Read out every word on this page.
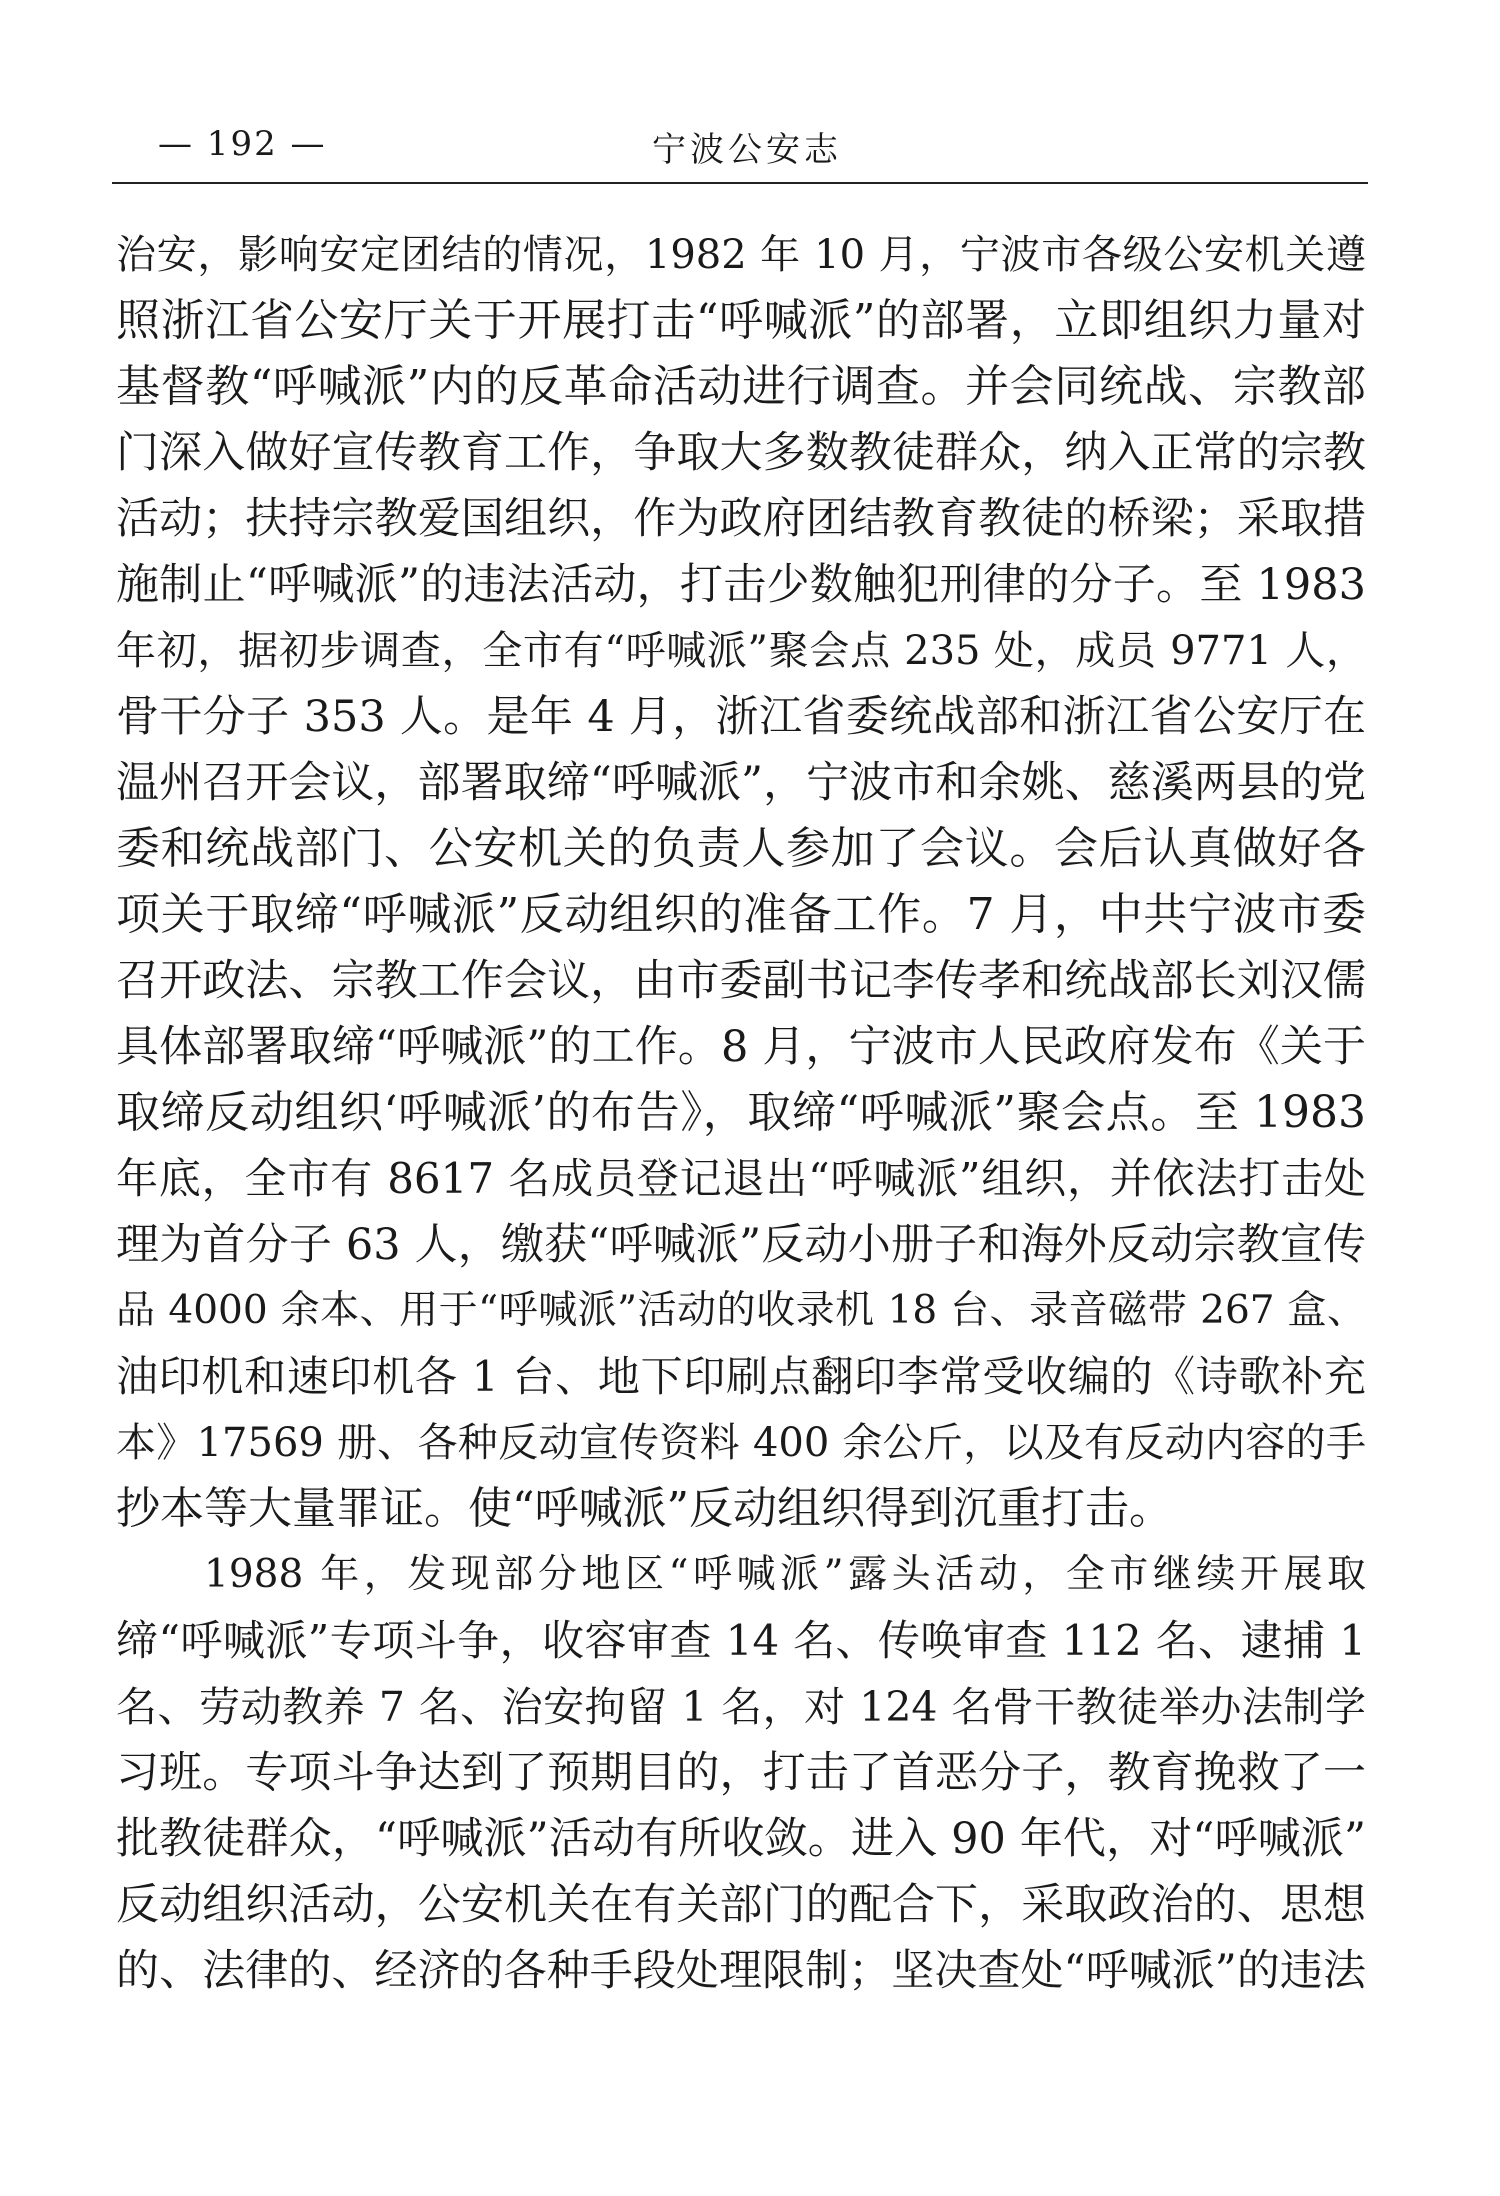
— 192 —	宁波公安志
治安，影响安定团结的情况，1982 年 10 月，宁波市各级公安机关遵
照浙江省公安厅关于开展打击“呼喊派”的部署，立即组织力量对
基督教“呼喊派”内的反革命活动进行调查。并会同统战、宗教部
门深入做好宣传教育工作，争取大多数教徒群众，纳入正常的宗教
活动；扶持宗教爱国组织，作为政府团结教育教徒的桥梁；采取措
施制止“呼喊派”的违法活动，打击少数触犯刑律的分子。至 1983
年初，据初步调查，全市有“呼喊派”聚会点 235 处，成员 9771 人，
骨干分子 353 人。是年 4 月，浙江省委统战部和浙江省公安厅在
温州召开会议，部署取缔“呼喊派”，宁波市和余姚、慈溪两县的党
委和统战部门、公安机关的负责人参加了会议。会后认真做好各
项关于取缔“呼喊派”反动组织的准备工作。7 月，中共宁波市委
召开政法、宗教工作会议，由市委副书记李传孝和统战部长刘汉儒
具体部署取缔“呼喊派”的工作。8 月，宁波市人民政府发布《关于
取缔反动组织‘呼喊派’的布告》，取缔“呼喊派”聚会点。至 1983
年底，全市有 8617 名成员登记退出“呼喊派”组织，并依法打击处
理为首分子 63 人，缴获“呼喊派”反动小册子和海外反动宗教宣传
品 4000 余本、用于“呼喊派”活动的收录机 18 台、录音磁带 267 盒、
油印机和速印机各 1 台、地下印刷点翻印李常受收编的《诗歌补充
本》17569 册、各种反动宣传资料 400 余公斤，以及有反动内容的手
抄本等大量罪证。使“呼喊派”反动组织得到沉重打击。
1988 年，发现部分地区“呼喊派”露头活动，全市继续开展取
缔“呼喊派”专项斗争，收容审查 14 名、传唤审查 112 名、逮捕 1
名、劳动教养 7 名、治安拘留 1 名，对 124 名骨干教徒举办法制学
习班。专项斗争达到了预期目的，打击了首恶分子，教育挽救了一
批教徒群众，“呼喊派”活动有所收敛。进入 90 年代，对“呼喊派”
反动组织活动，公安机关在有关部门的配合下，采取政治的、思想
的、法律的、经济的各种手段处理限制；坚决查处“呼喊派”的违法
